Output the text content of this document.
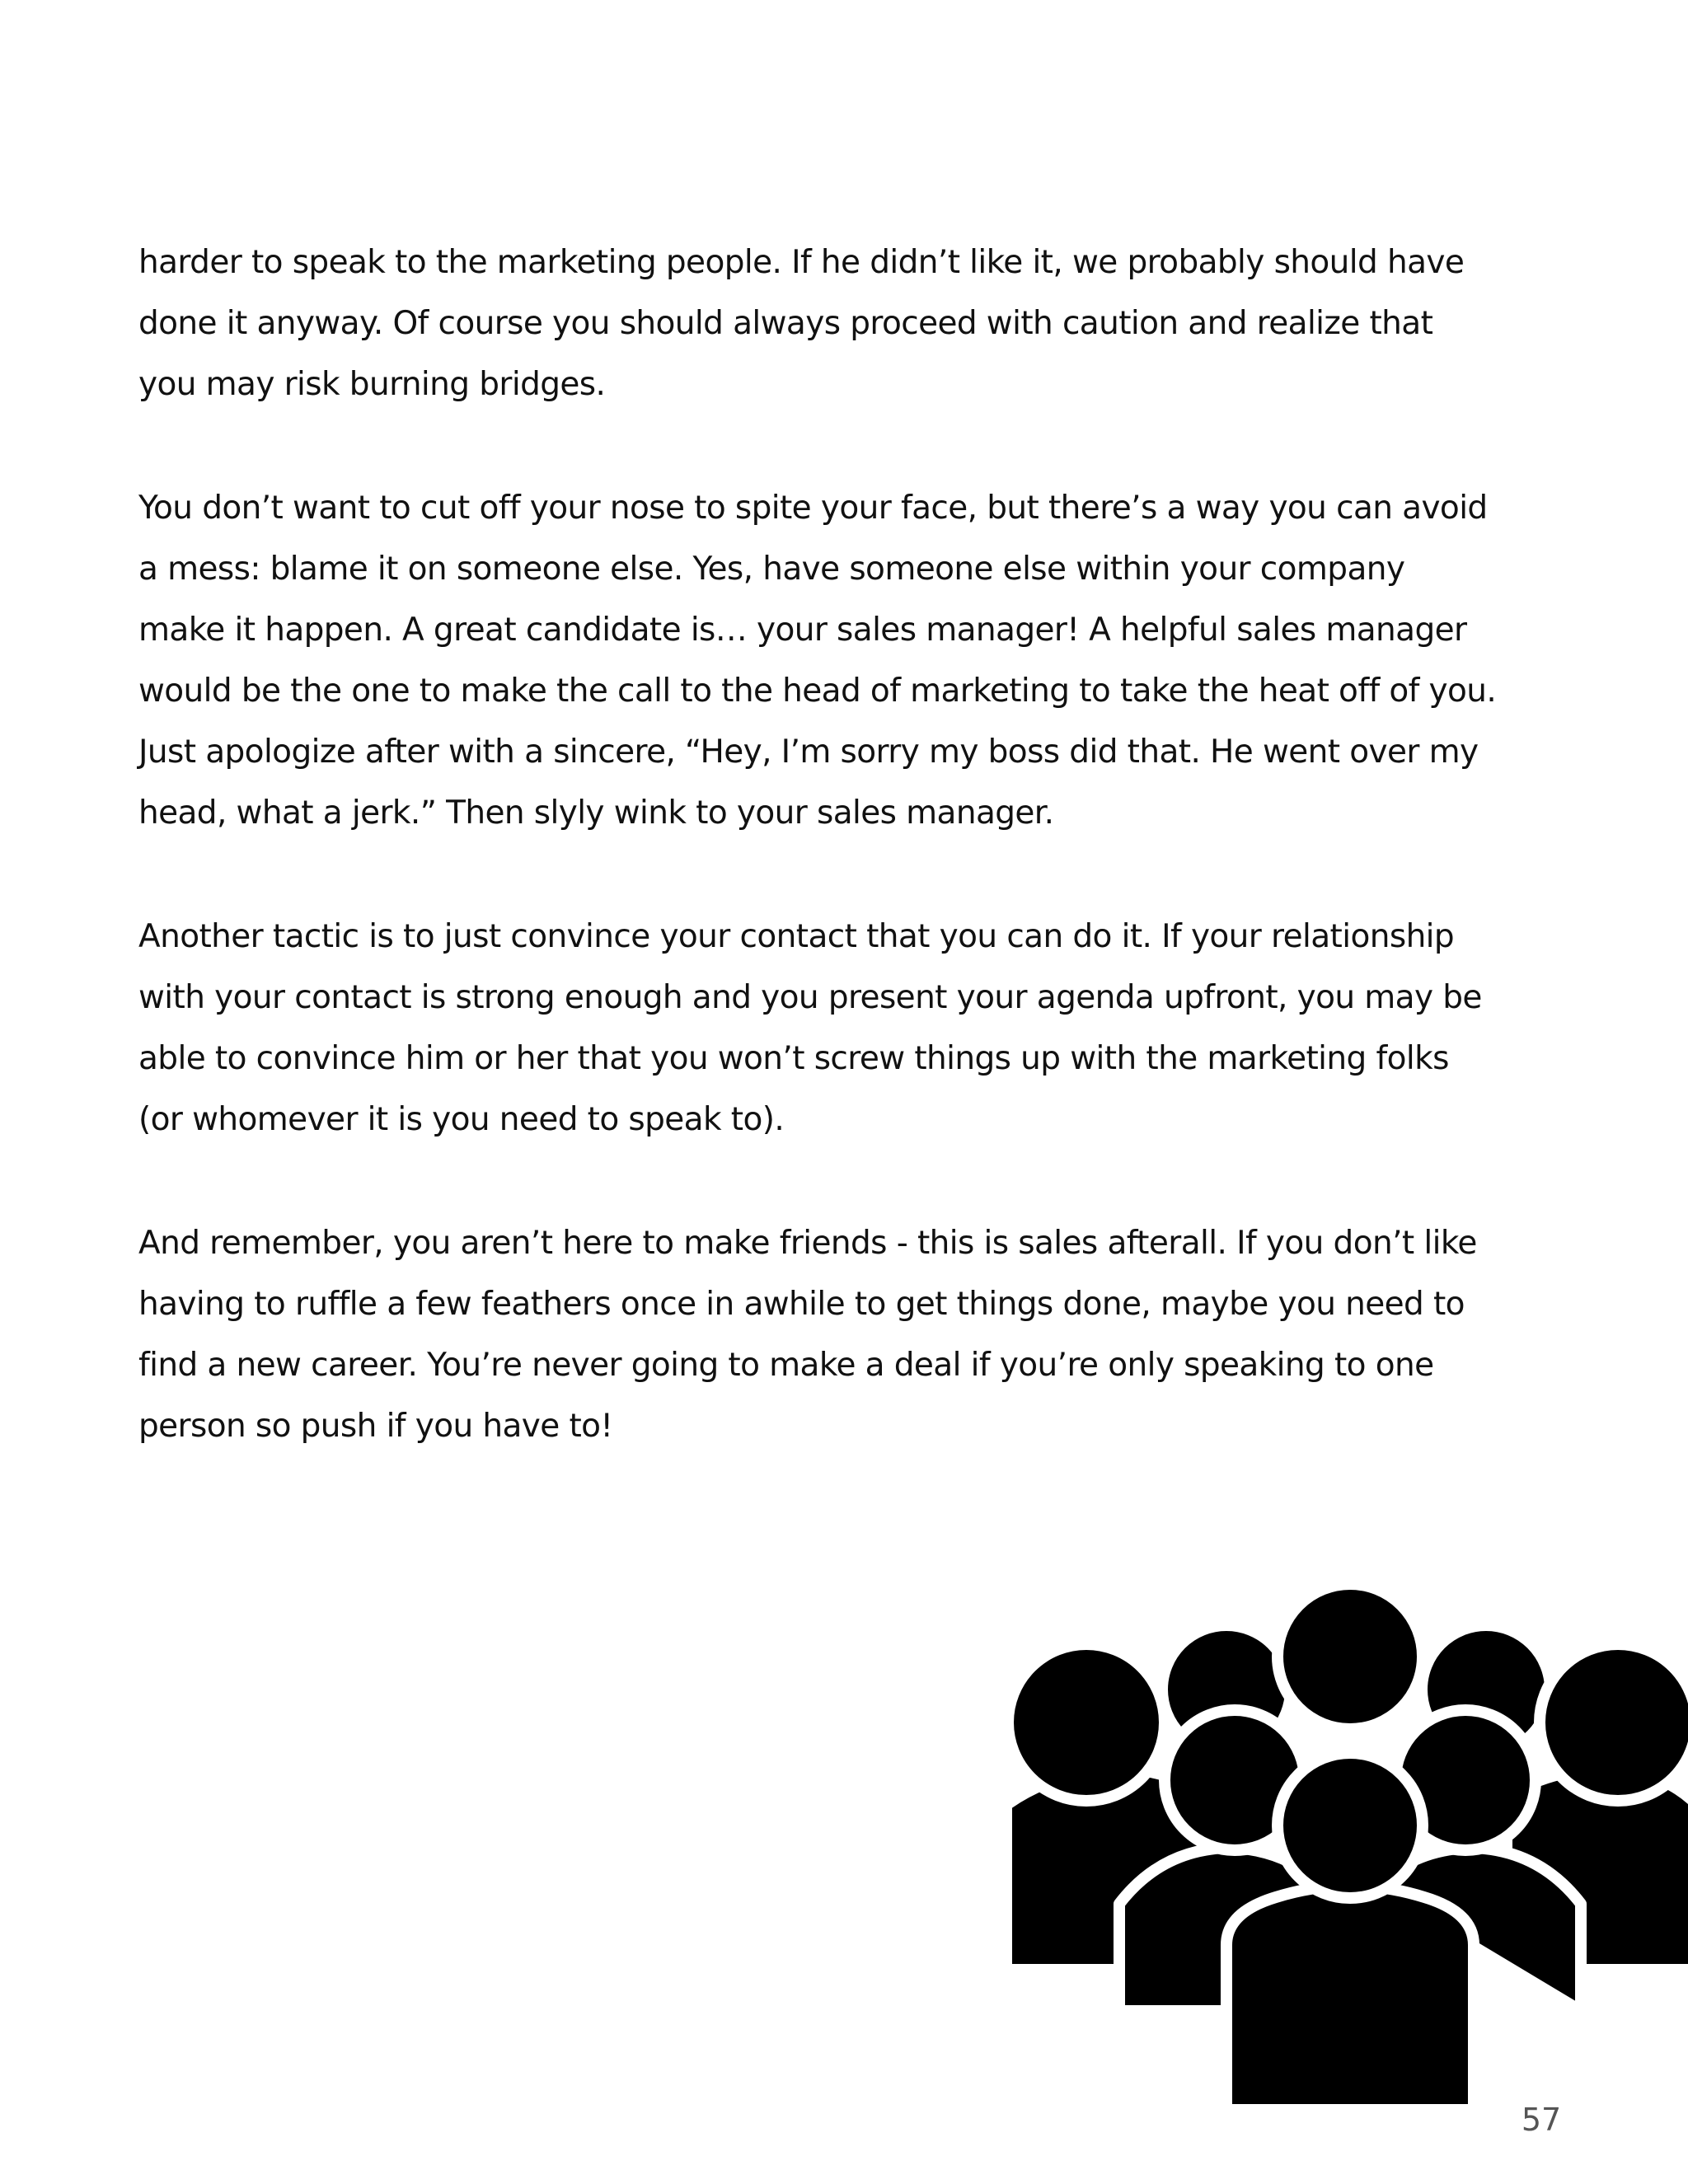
harder to speak to the marketing people. If he didn’t like it, we probably should have
done it anyway. Of course you should always proceed with caution and realize that
you may risk burning bridges.

You don’t want to cut off your nose to spite your face, but there’s a way you can avoid
a mess: blame it on someone else. Yes, have someone else within your company
make it happen. A great candidate is… your sales manager! A helpful sales manager
would be the one to make the call to the head of marketing to take the heat off of you.
Just apologize after with a sincere, “Hey, I’m sorry my boss did that. He went over my
head, what a jerk.” Then slyly wink to your sales manager.

Another tactic is to just convince your contact that you can do it. If your relationship
with your contact is strong enough and you present your agenda upfront, you may be
able to convince him or her that you won’t screw things up with the marketing folks
(or whomever it is you need to speak to).

And remember, you aren’t here to make friends - this is sales afterall. If you don’t like
having to ruffle a few feathers once in awhile to get things done, maybe you need to
find a new career. You’re never going to make a deal if you’re only speaking to one
person so push if you have to!

57
